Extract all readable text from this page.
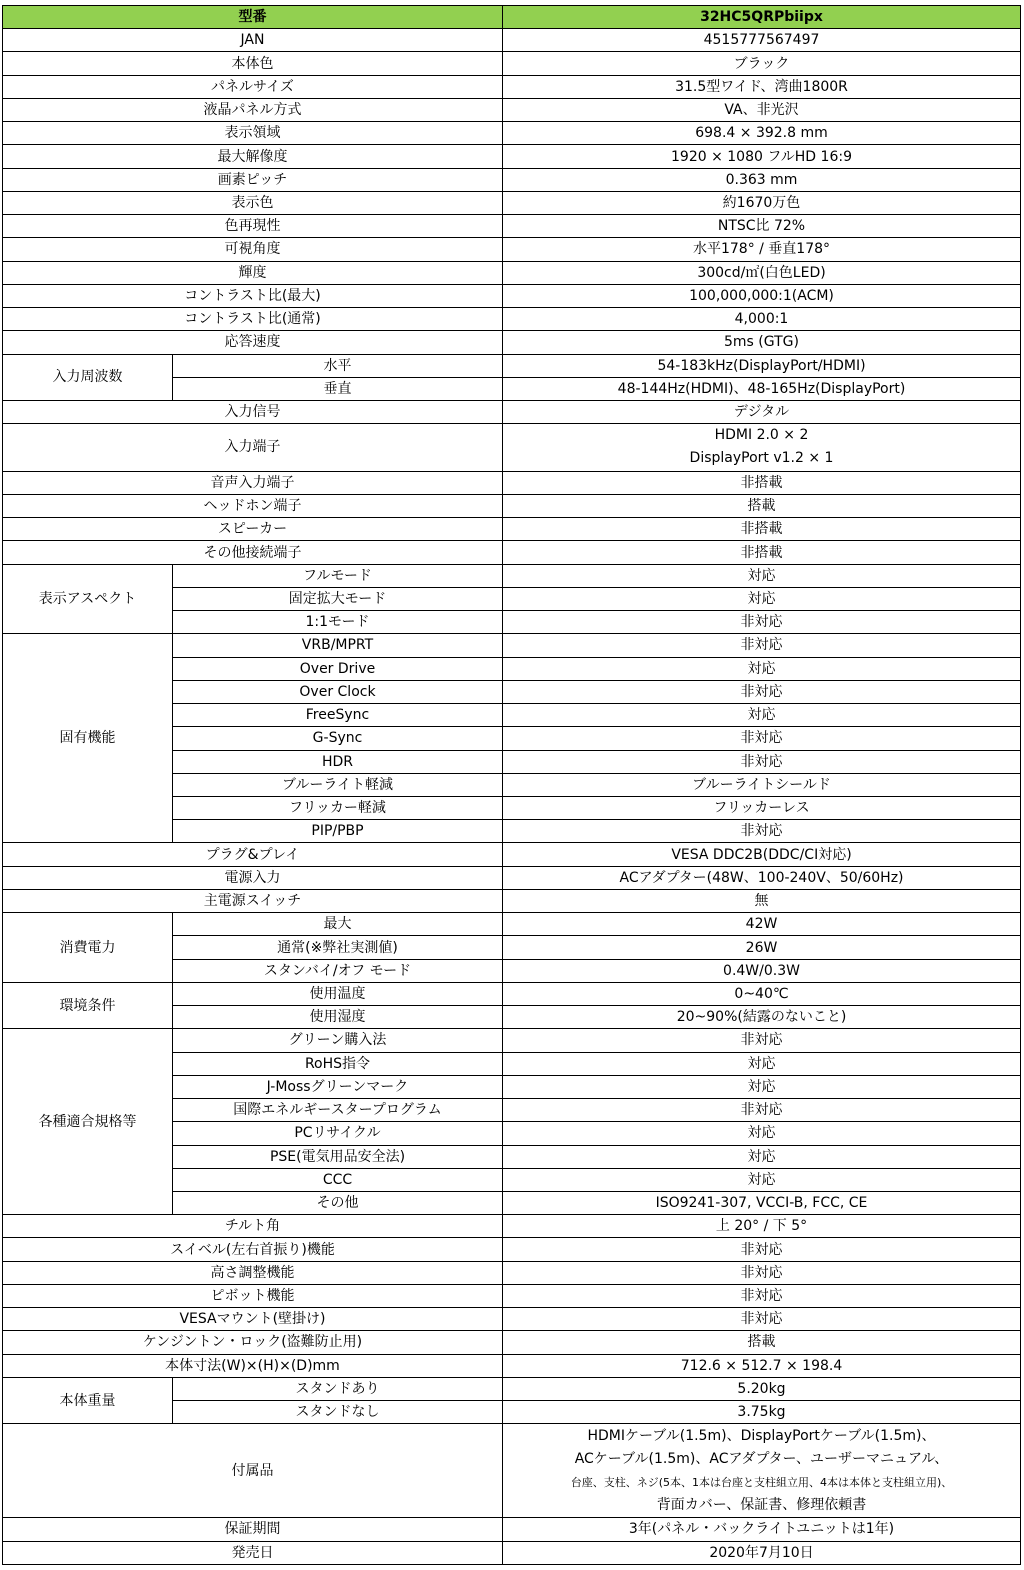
型番		32HC5QRPbiipx
JAN		4515777567497
本体色		ブラック
パネルサイズ		31.5型ワイド、湾曲1800R
液晶パネル方式		VA、非光沢
表示領域		698.4 × 392.8 mm
最大解像度		1920 × 1080 フルHD 16:9
画素ピッチ		0.363 mm
表示色		約1670万色
色再現性		NTSC比 72%
可視角度		水平178° / 垂直178°
輝度		300cd/㎡(白色LED)
コントラスト比(最大)		100,000,000:1(ACM)
コントラスト比(通常)		4,000:1
応答速度		5ms (GTG)
入力周波数	水平	54-183kHz(DisplayPort/HDMI)
	垂直	48-144Hz(HDMI)、48-165Hz(DisplayPort)
入力信号		デジタル
入力端子		HDMI 2.0 × 2
DisplayPort v1.2 × 1

音声入力端子		非搭載
ヘッドホン端子		搭載
スピーカー		非搭載
その他接続端子		非搭載
表示アスペクト	フルモード	対応
	固定拡大モード	対応
	1:1モード	非対応
固有機能	VRB/MPRT	非対応
	Over Drive	対応
	Over Clock	非対応
	FreeSync	対応
	G-Sync	非対応
	HDR	非対応
	ブルーライト軽減	ブルーライトシールド
	フリッカー軽減	フリッカーレス
	PIP/PBP	非対応
プラグ&プレイ		VESA DDC2B(DDC/CI対応)
電源入力		ACアダプター(48W、100-240V、50/60Hz)
主電源スイッチ		無
消費電力	最大	42W
	通常(※弊社実測値)	26W
	スタンバイ/オフ モード	0.4W/0.3W
環境条件	使用温度	0~40℃
	使用湿度	20~90%(結露のないこと)
各種適合規格等	グリーン購入法	非対応
	RoHS指令	対応
	J-Mossグリーンマーク	対応
	国際エネルギースタープログラム	非対応
	PCリサイクル	対応
	PSE(電気用品安全法)	対応
	CCC	対応
	その他	ISO9241-307, VCCI-B, FCC, CE
チルト角		上 20° / 下 5°
スイベル(左右首振り)機能		非対応
高さ調整機能		非対応
ピボット機能		非対応
VESAマウント(壁掛け)		非対応
ケンジントン・ロック(盗難防止用)		搭載
本体寸法(W)×(H)×(D)mm		712.6 × 512.7 × 198.4
本体重量	スタンドあり	5.20kg
	スタンドなし	3.75kg
付属品		HDMIケーブル(1.5m)、DisplayPortケーブル(1.5m)、
ACケーブル(1.5m)、ACアダプター、ユーザーマニュアル、
台座、支柱、ネジ(5本、1本は台座と支柱組立用、4本は本体と支柱組立用)、
背面カバー、保証書、修理依頼書

保証期間		3年(パネル・バックライトユニットは1年)
発売日		2020年7月10日
